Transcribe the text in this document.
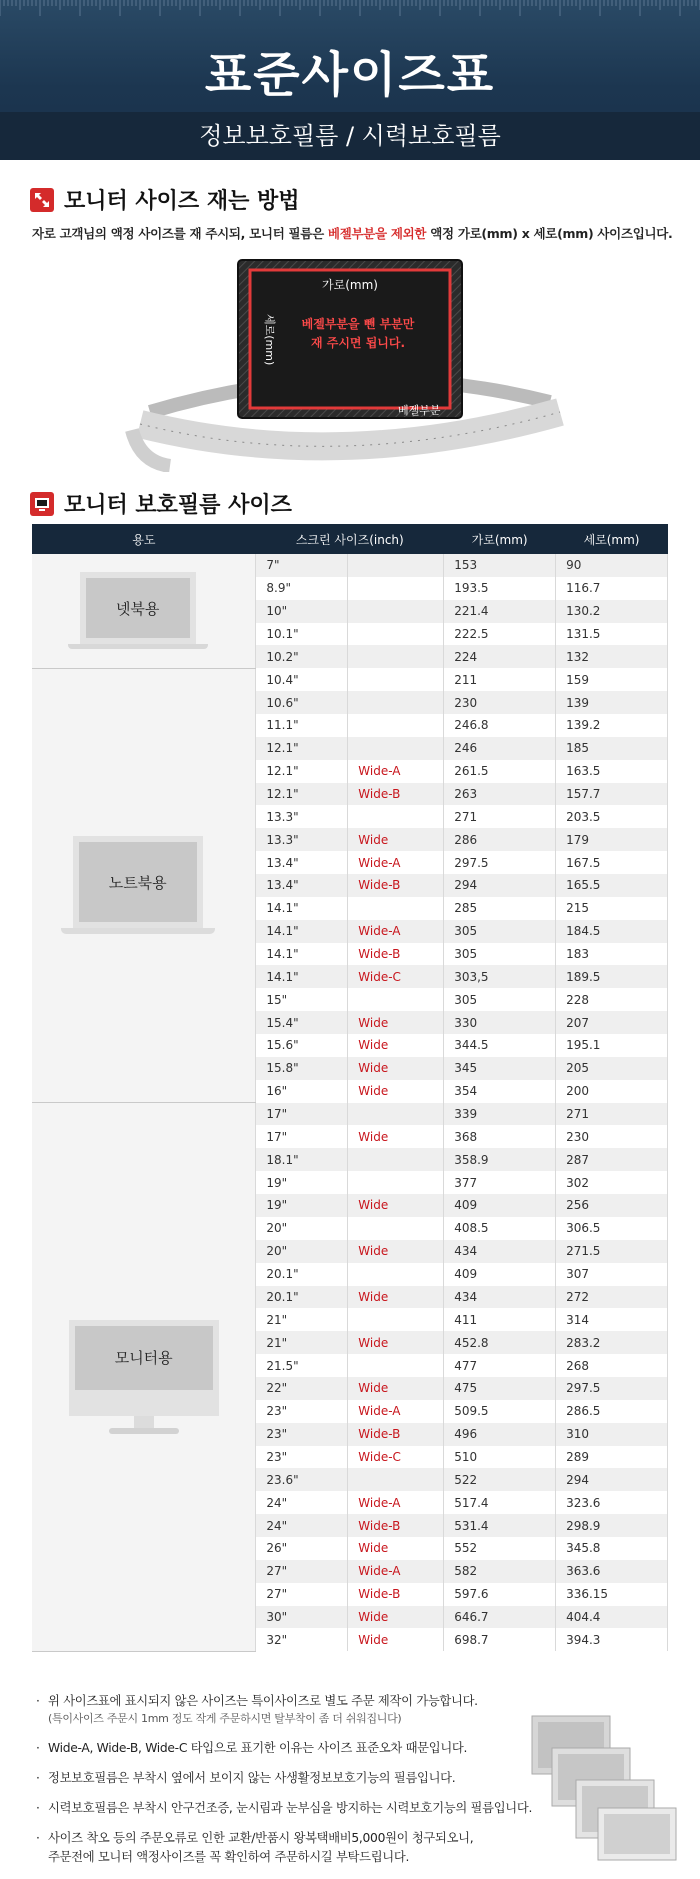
표준사이즈표
정보보호필름 / 시력보호필름
모니터 사이즈 재는 방법
자로 고객님의 액정 사이즈를 재 주시되, 모니터 필름은 베젤부분을 제외한 액정 가로(mm) x 세로(mm) 사이즈입니다.
가로(mm)
세로(mm) 베젤부분을 뺀 부분만
재 주시면 됩니다.
베젤부분
모니터 보호필름 사이즈
용도	스크린 사이즈(inch)		가로(mm)	세로(mm)

넷북용	7"		153	90
	8.9"		193.5	116.7
	10"		221.4	130.2
	10.1"		222.5	131.5
	10.2"		224	132

노트북용	10.4"		211	159
	10.6"		230	139
	11.1"		246.8	139.2
	12.1"		246	185
	12.1"	Wide-A	261.5	163.5
	12.1"	Wide-B	263	157.7
	13.3"		271	203.5
	13.3"	Wide	286	179
	13.4"	Wide-A	297.5	167.5
	13.4"	Wide-B	294	165.5
	14.1"		285	215
	14.1"	Wide-A	305	184.5
	14.1"	Wide-B	305	183
	14.1"	Wide-C	303,5	189.5
	15"		305	228
	15.4"	Wide	330	207
	15.6"	Wide	344.5	195.1
	15.8"	Wide	345	205
	16"	Wide	354	200

모니터용	17"		339	271
	17"	Wide	368	230
	18.1"		358.9	287
	19"		377	302
	19"	Wide	409	256
	20"		408.5	306.5
	20"	Wide	434	271.5
	20.1"		409	307
	20.1"	Wide	434	272
	21"		411	314
	21"	Wide	452.8	283.2
	21.5"		477	268
	22"	Wide	475	297.5
	23"	Wide-A	509.5	286.5
	23"	Wide-B	496	310
	23"	Wide-C	510	289
	23.6"		522	294
	24"	Wide-A	517.4	323.6
	24"	Wide-B	531.4	298.9
	26"	Wide	552	345.8
	27"	Wide-A	582	363.6
	27"	Wide-B	597.6	336.15
	30"	Wide	646.7	404.4
	32"	Wide	698.7	394.3
· 위 사이즈표에 표시되지 않은 사이즈는 특이사이즈로 별도 주문 제작이 가능합니다.
(특이사이즈 주문시 1mm 정도 작게 주문하시면 탈부착이 좀 더 쉬워집니다)
· Wide-A, Wide-B, Wide-C 타입으로 표기한 이유는 사이즈 표준오차 때문입니다.
· 정보보호필름은 부착시 옆에서 보이지 않는 사생활정보보호기능의 필름입니다.
· 시력보호필름은 부착시 안구건조증, 눈시림과 눈부심을 방지하는 시력보호기능의 필름입니다.
· 사이즈 착오 등의 주문오류로 인한 교환/반품시 왕복택배비5,000원이 청구되오니,
주문전에 모니터 액정사이즈를 꼭 확인하여 주문하시길 부탁드립니다.
